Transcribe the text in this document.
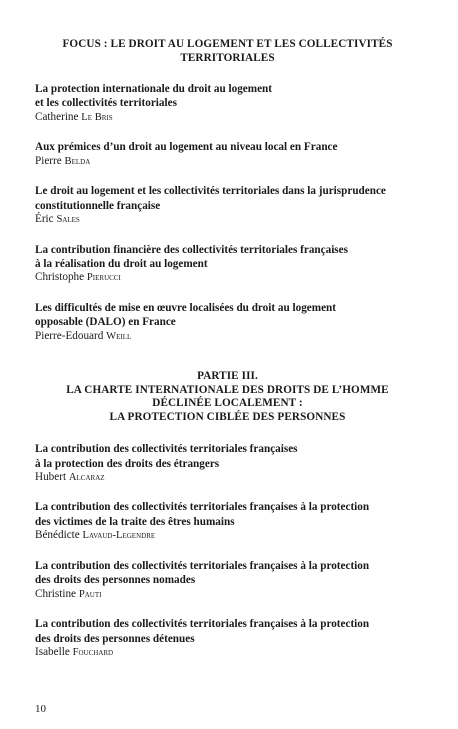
FOCUS : LE DROIT AU LOGEMENT ET LES COLLECTIVITÉS
TERRITORIALES
La protection internationale du droit au logement
et les collectivités territoriales
Catherine Le Bris
Aux prémices d’un droit au logement au niveau local en France
Pierre Belda
Le droit au logement et les collectivités territoriales dans la jurisprudence
constitutionnelle française
Éric Sales
La contribution financière des collectivités territoriales françaises
à la réalisation du droit au logement
Christophe Pierucci
Les difficultés de mise en œuvre localisées du droit au logement
opposable (DALO) en France
Pierre-Edouard Weill
PARTIE III.
LA CHARTE INTERNATIONALE DES DROITS DE L’HOMME
DÉCLINÉE LOCALEMENT :
LA PROTECTION CIBLÉE DES PERSONNES
La contribution des collectivités territoriales françaises
à la protection des droits des étrangers
Hubert Alcaraz
La contribution des collectivités territoriales françaises à la protection
des victimes de la traite des êtres humains
Bénédicte Lavaud-Legendre
La contribution des collectivités territoriales françaises à la protection
des droits des personnes nomades
Christine Pauti
La contribution des collectivités territoriales françaises à la protection
des droits des personnes détenues
Isabelle Fouchard
10
